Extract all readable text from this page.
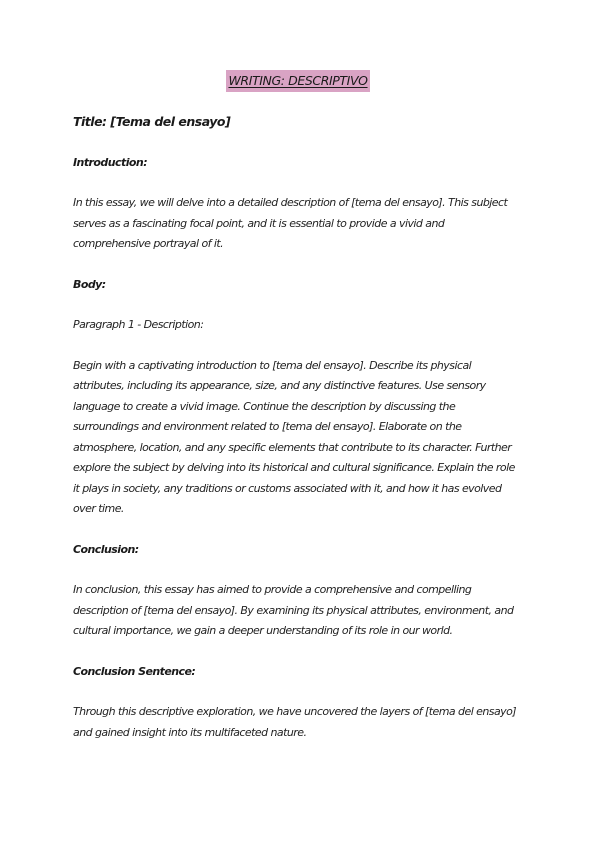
WRITING: DESCRIPTIVO
Title: [Tema del ensayo]
Introduction:
In this essay, we will delve into a detailed description of [tema del ensayo]. This subject serves as a fascinating focal point, and it is essential to provide a vivid and comprehensive portrayal of it.
Body:
Paragraph 1 - Description:
Begin with a captivating introduction to [tema del ensayo]. Describe its physical attributes, including its appearance, size, and any distinctive features. Use sensory language to create a vivid image. Continue the description by discussing the surroundings and environment related to [tema del ensayo]. Elaborate on the atmosphere, location, and any specific elements that contribute to its character. Further explore the subject by delving into its historical and cultural significance. Explain the role it plays in society, any traditions or customs associated with it, and how it has evolved over time.
Conclusion:
In conclusion, this essay has aimed to provide a comprehensive and compelling description of [tema del ensayo]. By examining its physical attributes, environment, and cultural importance, we gain a deeper understanding of its role in our world.
Conclusion Sentence:
Through this descriptive exploration, we have uncovered the layers of [tema del ensayo] and gained insight into its multifaceted nature.
